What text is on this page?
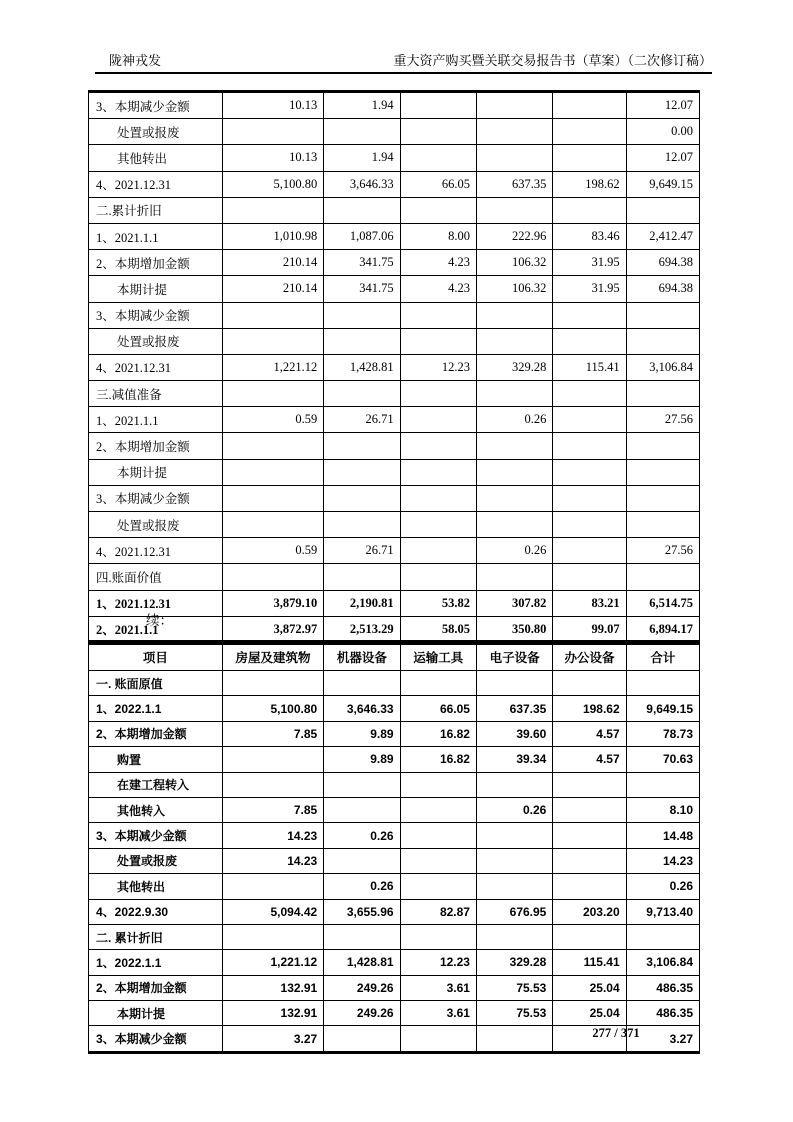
陇神戎发	重大资产购买暨关联交易报告书（草案）（二次修订稿）
3、本期减少金额	10.13	1.94				12.07
处置或报废						0.00
其他转出	10.13	1.94				12.07
4、2021.12.31	5,100.80	3,646.33	66.05	637.35	198.62	9,649.15
二.累计折旧						
1、2021.1.1	1,010.98	1,087.06	8.00	222.96	83.46	2,412.47
2、本期增加金额	210.14	341.75	4.23	106.32	31.95	694.38
本期计提	210.14	341.75	4.23	106.32	31.95	694.38
3、本期减少金额						
处置或报废						
4、2021.12.31	1,221.12	1,428.81	12.23	329.28	115.41	3,106.84
三.减值准备						
1、2021.1.1	0.59	26.71		0.26		27.56
2、本期增加金额						
本期计提						
3、本期减少金额						
处置或报废						
4、2021.12.31	0.59	26.71		0.26		27.56
四.账面价值						
1、2021.12.31	3,879.10	2,190.81	53.82	307.82	83.21	6,514.75
2、2021.1.1	3,872.97	2,513.29	58.05	350.80	99.07	6,894.17
续：
项目	房屋及建筑物	机器设备	运输工具	电子设备	办公设备	合计
一. 账面原值						
1、2022.1.1	5,100.80	3,646.33	66.05	637.35	198.62	9,649.15
2、本期增加金额	7.85	9.89	16.82	39.60	4.57	78.73
购置		9.89	16.82	39.34	4.57	70.63
在建工程转入						
其他转入	7.85			0.26		8.10
3、本期减少金额	14.23	0.26				14.48
处置或报废	14.23					14.23
其他转出		0.26				0.26
4、2022.9.30	5,094.42	3,655.96	82.87	676.95	203.20	9,713.40
二. 累计折旧						
1、2022.1.1	1,221.12	1,428.81	12.23	329.28	115.41	3,106.84
2、本期增加金额	132.91	249.26	3.61	75.53	25.04	486.35
本期计提	132.91	249.26	3.61	75.53	25.04	486.35
3、本期减少金额	3.27					3.27
277 / 371
